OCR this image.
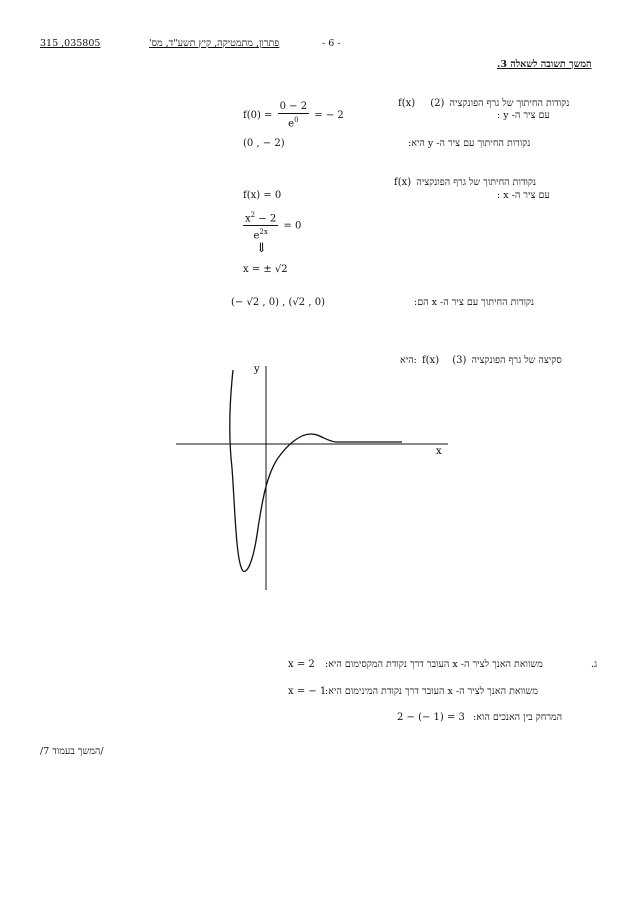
315 ,035805	- 6 -
פתרון, מתמטיקה, קיץ תשע"ד, מס'
המשך תשובה לשאלה 3.
f(x)	נקודות החיתוך של גרף הפונקציה (2)
עם ציר ה- y :
$f(0) = \frac{0 - 2}{e^0}$ = − 2
נקודות החיתוך עם ציר ה- y היא:
(0 , − 2)
f(x) נקודות החיתוך של גרף הפונקציה
עם ציר ה- x :
f(x) = 0
$\frac{x^2 - 2}{e^{2x}} = 0$
⇓
x = ± √2
(− √2 , 0) , (√2 , 0)	נקודות החיתוך עם ציר ה- x הם:
היא: f(x)	סקיצה של גרף הפונקציה (3)
y
x
ג.
משוואת האנך לציר ה- x העובר דרך נקודת המקסימום היא:
x = 2
משוואת האנך לציר ה- x העובר דרך נקודת המינימום היא:
x = − 1
המרחק בין האנכים הוא:
2 − (− 1) = 3
/המשך בעמוד 7/
